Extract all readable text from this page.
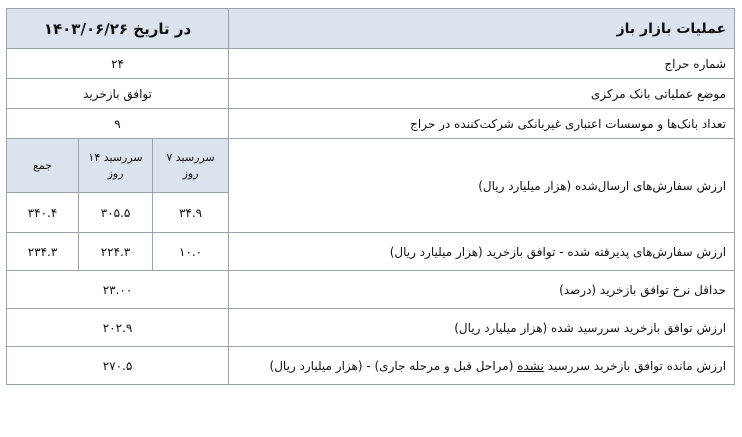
عملیات بازار باز	در تاریخ ۱۴۰۳/۰۶/۲۶		
شماره حراج	۲۴		
موضع عملیاتی بانک مرکزی	توافق بازخرید		
تعداد بانک‌ها و موسسات اعتباری غیربانکی شرکت‌کننده در حراج	۹		
ارزش سفارش‌های ارسال‌شده (هزار میلیارد ریال)	سررسید ۷ روز	سررسید ۱۴ روز	جمع
	۳۴.۹	۳۰۵.۵	۳۴۰.۴
ارزش سفارش‌های پذیرفته شده - توافق بازخرید (هزار میلیارد ریال)	۱۰.۰	۲۲۴.۳	۲۳۴.۳
حداقل نرخ توافق بازخرید (درصد)	۲۳.۰۰		
ارزش توافق بازخرید سررسید شده (هزار میلیارد ریال)	۲۰۲.۹		
ارزش مانده توافق بازخرید سررسید نشده (مراحل قبل و مرحله جاری) - (هزار میلیارد ریال)	۲۷۰.۵		
